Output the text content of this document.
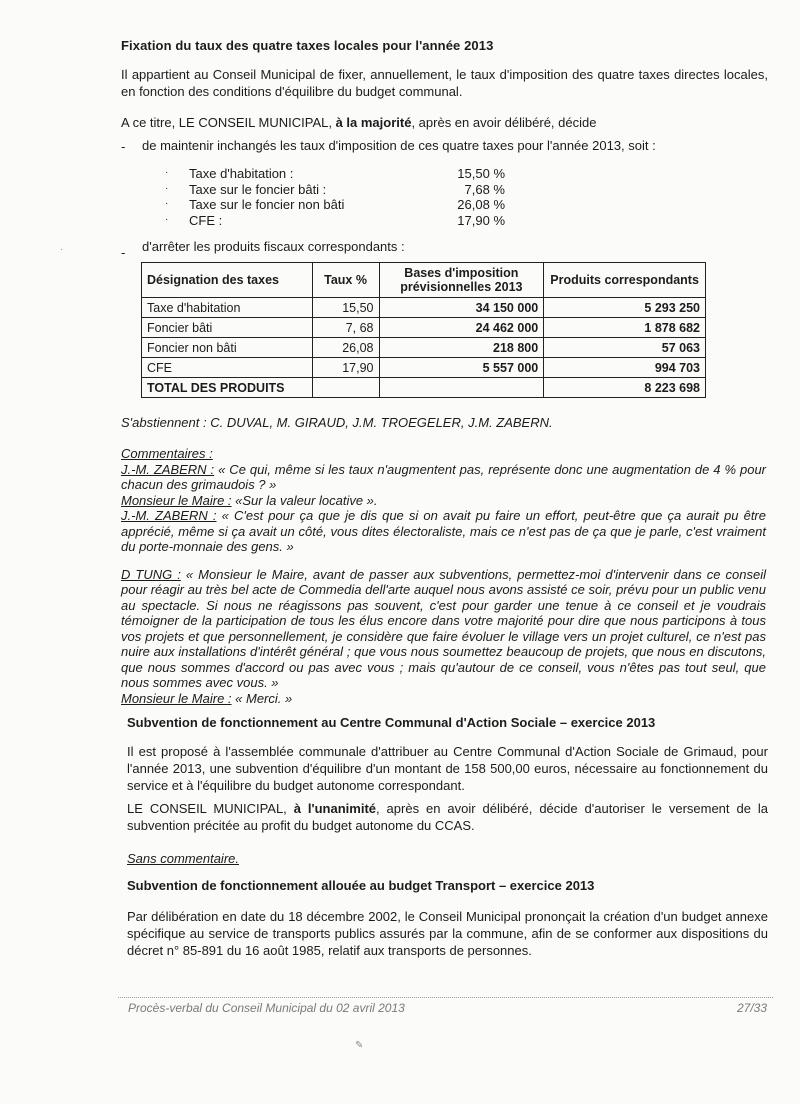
Fixation du taux des quatre taxes locales pour l'année 2013
Il appartient au Conseil Municipal de fixer, annuellement, le taux d'imposition des quatre taxes directes locales, en fonction des conditions d'équilibre du budget communal.
A ce titre, LE CONSEIL MUNICIPAL, à la majorité, après en avoir délibéré, décide
- de maintenir inchangés les taux d'imposition de ces quatre taxes pour l'année 2013, soit :
· Taxe d'habitation :	15,50 %
· Taxe sur le foncier bâti :	7,68 %
· Taxe sur le foncier non bâti	26,08 %
· CFE :	17,90 %
- d'arrêter les produits fiscaux correspondants :
Désignation des taxes	Taux %	Bases d'imposition prévisionnelles 2013	Produits correspondants
Taxe d'habitation	15,50	34 150 000	5 293 250
Foncier bâti	7, 68	24 462 000	1 878 682
Foncier non bâti	26,08	218 800	57 063
CFE	17,90	5 557 000	994 703
TOTAL DES PRODUITS			8 223 698
S'abstiennent : C. DUVAL, M. GIRAUD, J.M. TROEGELER, J.M. ZABERN.
Commentaires :
J.-M. ZABERN : « Ce qui, même si les taux n'augmentent pas, représente donc une augmentation de 4 % pour chacun des grimaudois ? »
Monsieur le Maire : «Sur la valeur locative ».
J.-M. ZABERN : « C'est pour ça que je dis que si on avait pu faire un effort, peut-être que ça aurait pu être apprécié, même si ça avait un côté, vous dites électoraliste, mais ce n'est pas de ça que je parle, c'est vraiment du porte-monnaie des gens. »
D TUNG : « Monsieur le Maire, avant de passer aux subventions, permettez-moi d'intervenir dans ce conseil pour réagir au très bel acte de Commedia dell'arte auquel nous avons assisté ce soir, prévu pour un public venu au spectacle. Si nous ne réagissons pas souvent, c'est pour garder une tenue à ce conseil et je voudrais témoigner de la participation de tous les élus encore dans votre majorité pour dire que nous participons à tous vos projets et que personnellement, je considère que faire évoluer le village vers un projet culturel, ce n'est pas nuire aux installations d'intérêt général ; que vous nous soumettez beaucoup de projets, que nous en discutons, que nous sommes d'accord ou pas avec vous ; mais qu'autour de ce conseil, vous n'êtes pas tout seul, que nous sommes avec vous. »
Monsieur le Maire : « Merci. »
Subvention de fonctionnement au Centre Communal d'Action Sociale – exercice 2013
Il est proposé à l'assemblée communale d'attribuer au Centre Communal d'Action Sociale de Grimaud, pour l'année 2013, une subvention d'équilibre d'un montant de 158 500,00 euros, nécessaire au fonctionnement du service et à l'équilibre du budget autonome correspondant.
LE CONSEIL MUNICIPAL, à l'unanimité, après en avoir délibéré, décide d'autoriser le versement de la subvention précitée au profit du budget autonome du CCAS.
Sans commentaire.
Subvention de fonctionnement allouée au budget Transport – exercice 2013
Par délibération en date du 18 décembre 2002, le Conseil Municipal prononçait la création d'un budget annexe spécifique au service de transports publics assurés par la commune, afin de se conformer aux dispositions du décret n° 85-891 du 16 août 1985, relatif aux transports de personnes.
Procès-verbal du Conseil Municipal du 02 avril 2013	27/33
✎
·
